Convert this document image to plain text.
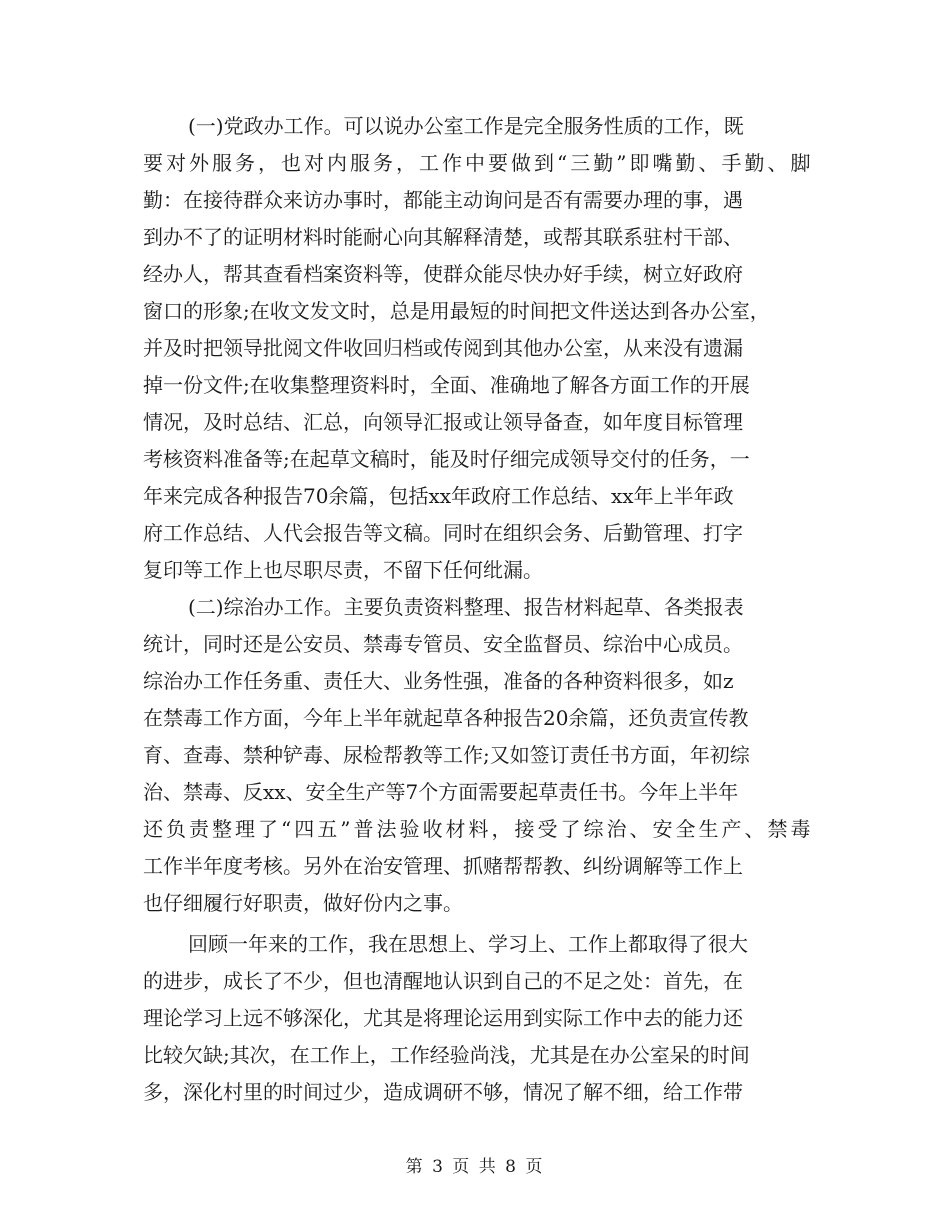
(一)党政办工作。可以说办公室工作是完全服务性质的工作，既
要对外服务，也对内服务，工作中要做到“三勤”即嘴勤、手勤、脚
勤：在接待群众来访办事时，都能主动询问是否有需要办理的事，遇
到办不了的证明材料时能耐心向其解释清楚，或帮其联系驻村干部、
经办人，帮其查看档案资料等，使群众能尽快办好手续，树立好政府
窗口的形象;在收文发文时，总是用最短的时间把文件送达到各办公室，
并及时把领导批阅文件收回归档或传阅到其他办公室，从来没有遗漏
掉一份文件;在收集整理资料时，全面、准确地了解各方面工作的开展
情况，及时总结、汇总，向领导汇报或让领导备查，如年度目标管理
考核资料准备等;在起草文稿时，能及时仔细完成领导交付的任务，一
年来完成各种报告70余篇，包括xx年政府工作总结、xx年上半年政
府工作总结、人代会报告等文稿。同时在组织会务、后勤管理、打字
复印等工作上也尽职尽责，不留下任何纰漏。
(二)综治办工作。主要负责资料整理、报告材料起草、各类报表
统计，同时还是公安员、禁毒专管员、安全监督员、综治中心成员。
综治办工作任务重、责任大、业务性强，准备的各种资料很多，如z
在禁毒工作方面，今年上半年就起草各种报告20余篇，还负责宣传教
育、查毒、禁种铲毒、尿检帮教等工作;又如签订责任书方面，年初综
治、禁毒、反xx、安全生产等7个方面需要起草责任书。今年上半年
还负责整理了“四五”普法验收材料，接受了综治、安全生产、禁毒
工作半年度考核。另外在治安管理、抓赌帮帮教、纠纷调解等工作上
也仔细履行好职责，做好份内之事。
回顾一年来的工作，我在思想上、学习上、工作上都取得了很大
的进步，成长了不少，但也清醒地认识到自己的不足之处：首先，在
理论学习上远不够深化，尤其是将理论运用到实际工作中去的能力还
比较欠缺;其次，在工作上，工作经验尚浅，尤其是在办公室呆的时间
多，深化村里的时间过少，造成调研不够，情况了解不细，给工作带
第 3 页 共 8 页
